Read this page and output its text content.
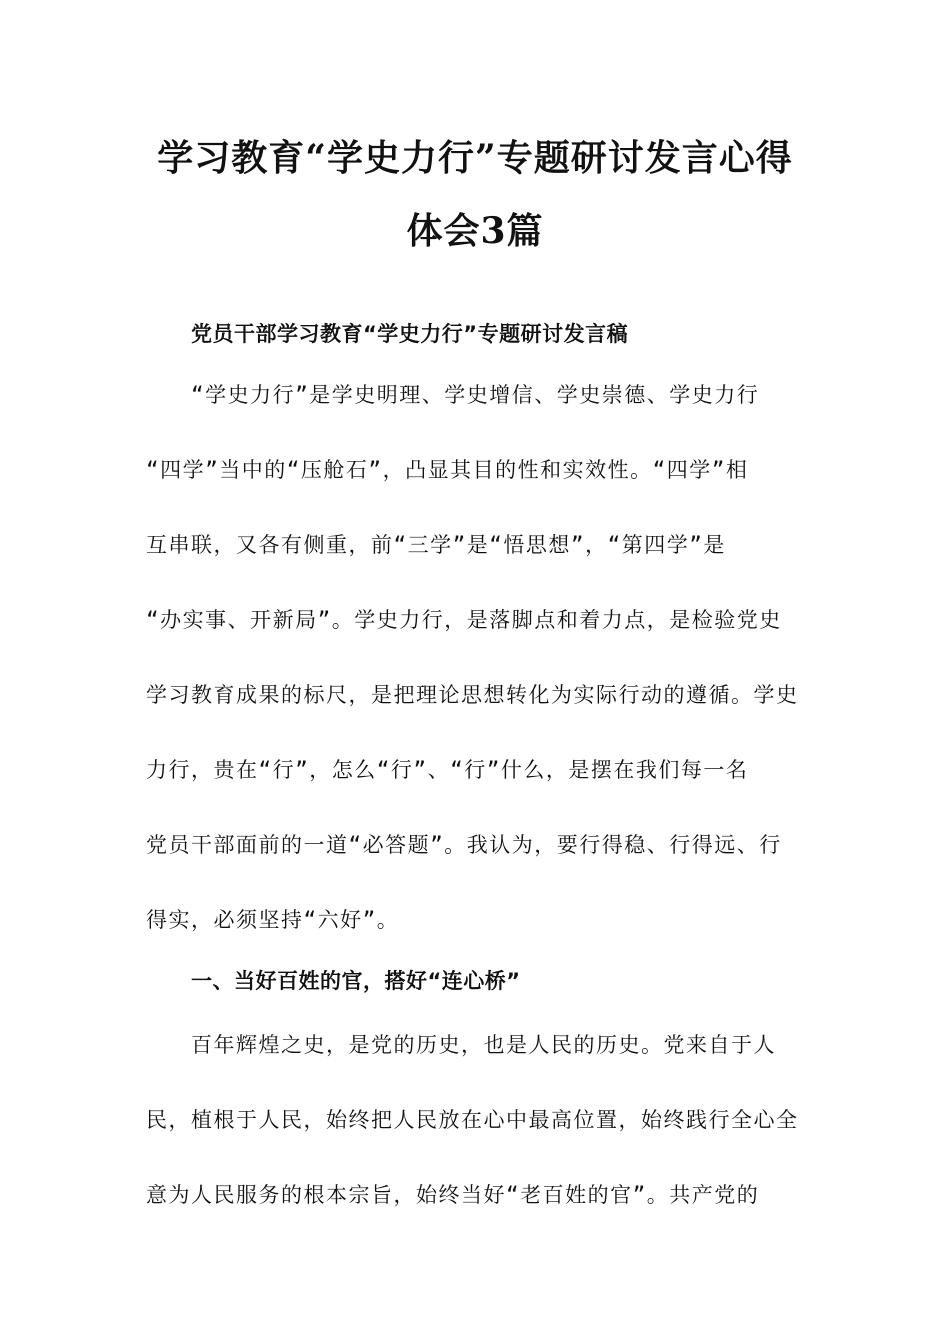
学习教育“学史力行”专题研讨发言心得
体会3篇
党员干部学习教育“学史力行”专题研讨发言稿
“学史力行”是学史明理、学史增信、学史崇德、学史力行
“四学”当中的“压舱石”，凸显其目的性和实效性。“四学”相
互串联，又各有侧重，前“三学”是“悟思想”，“第四学”是
“办实事、开新局”。学史力行，是落脚点和着力点，是检验党史
学习教育成果的标尺，是把理论思想转化为实际行动的遵循。学史
力行，贵在“行”，怎么“行”、“行”什么，是摆在我们每一名
党员干部面前的一道“必答题”。我认为，要行得稳、行得远、行
得实，必须坚持“六好”。
一、当好百姓的官，搭好“连心桥”
百年辉煌之史，是党的历史，也是人民的历史。党来自于人
民，植根于人民，始终把人民放在心中最高位置，始终践行全心全
意为人民服务的根本宗旨，始终当好“老百姓的官”。共产党的
